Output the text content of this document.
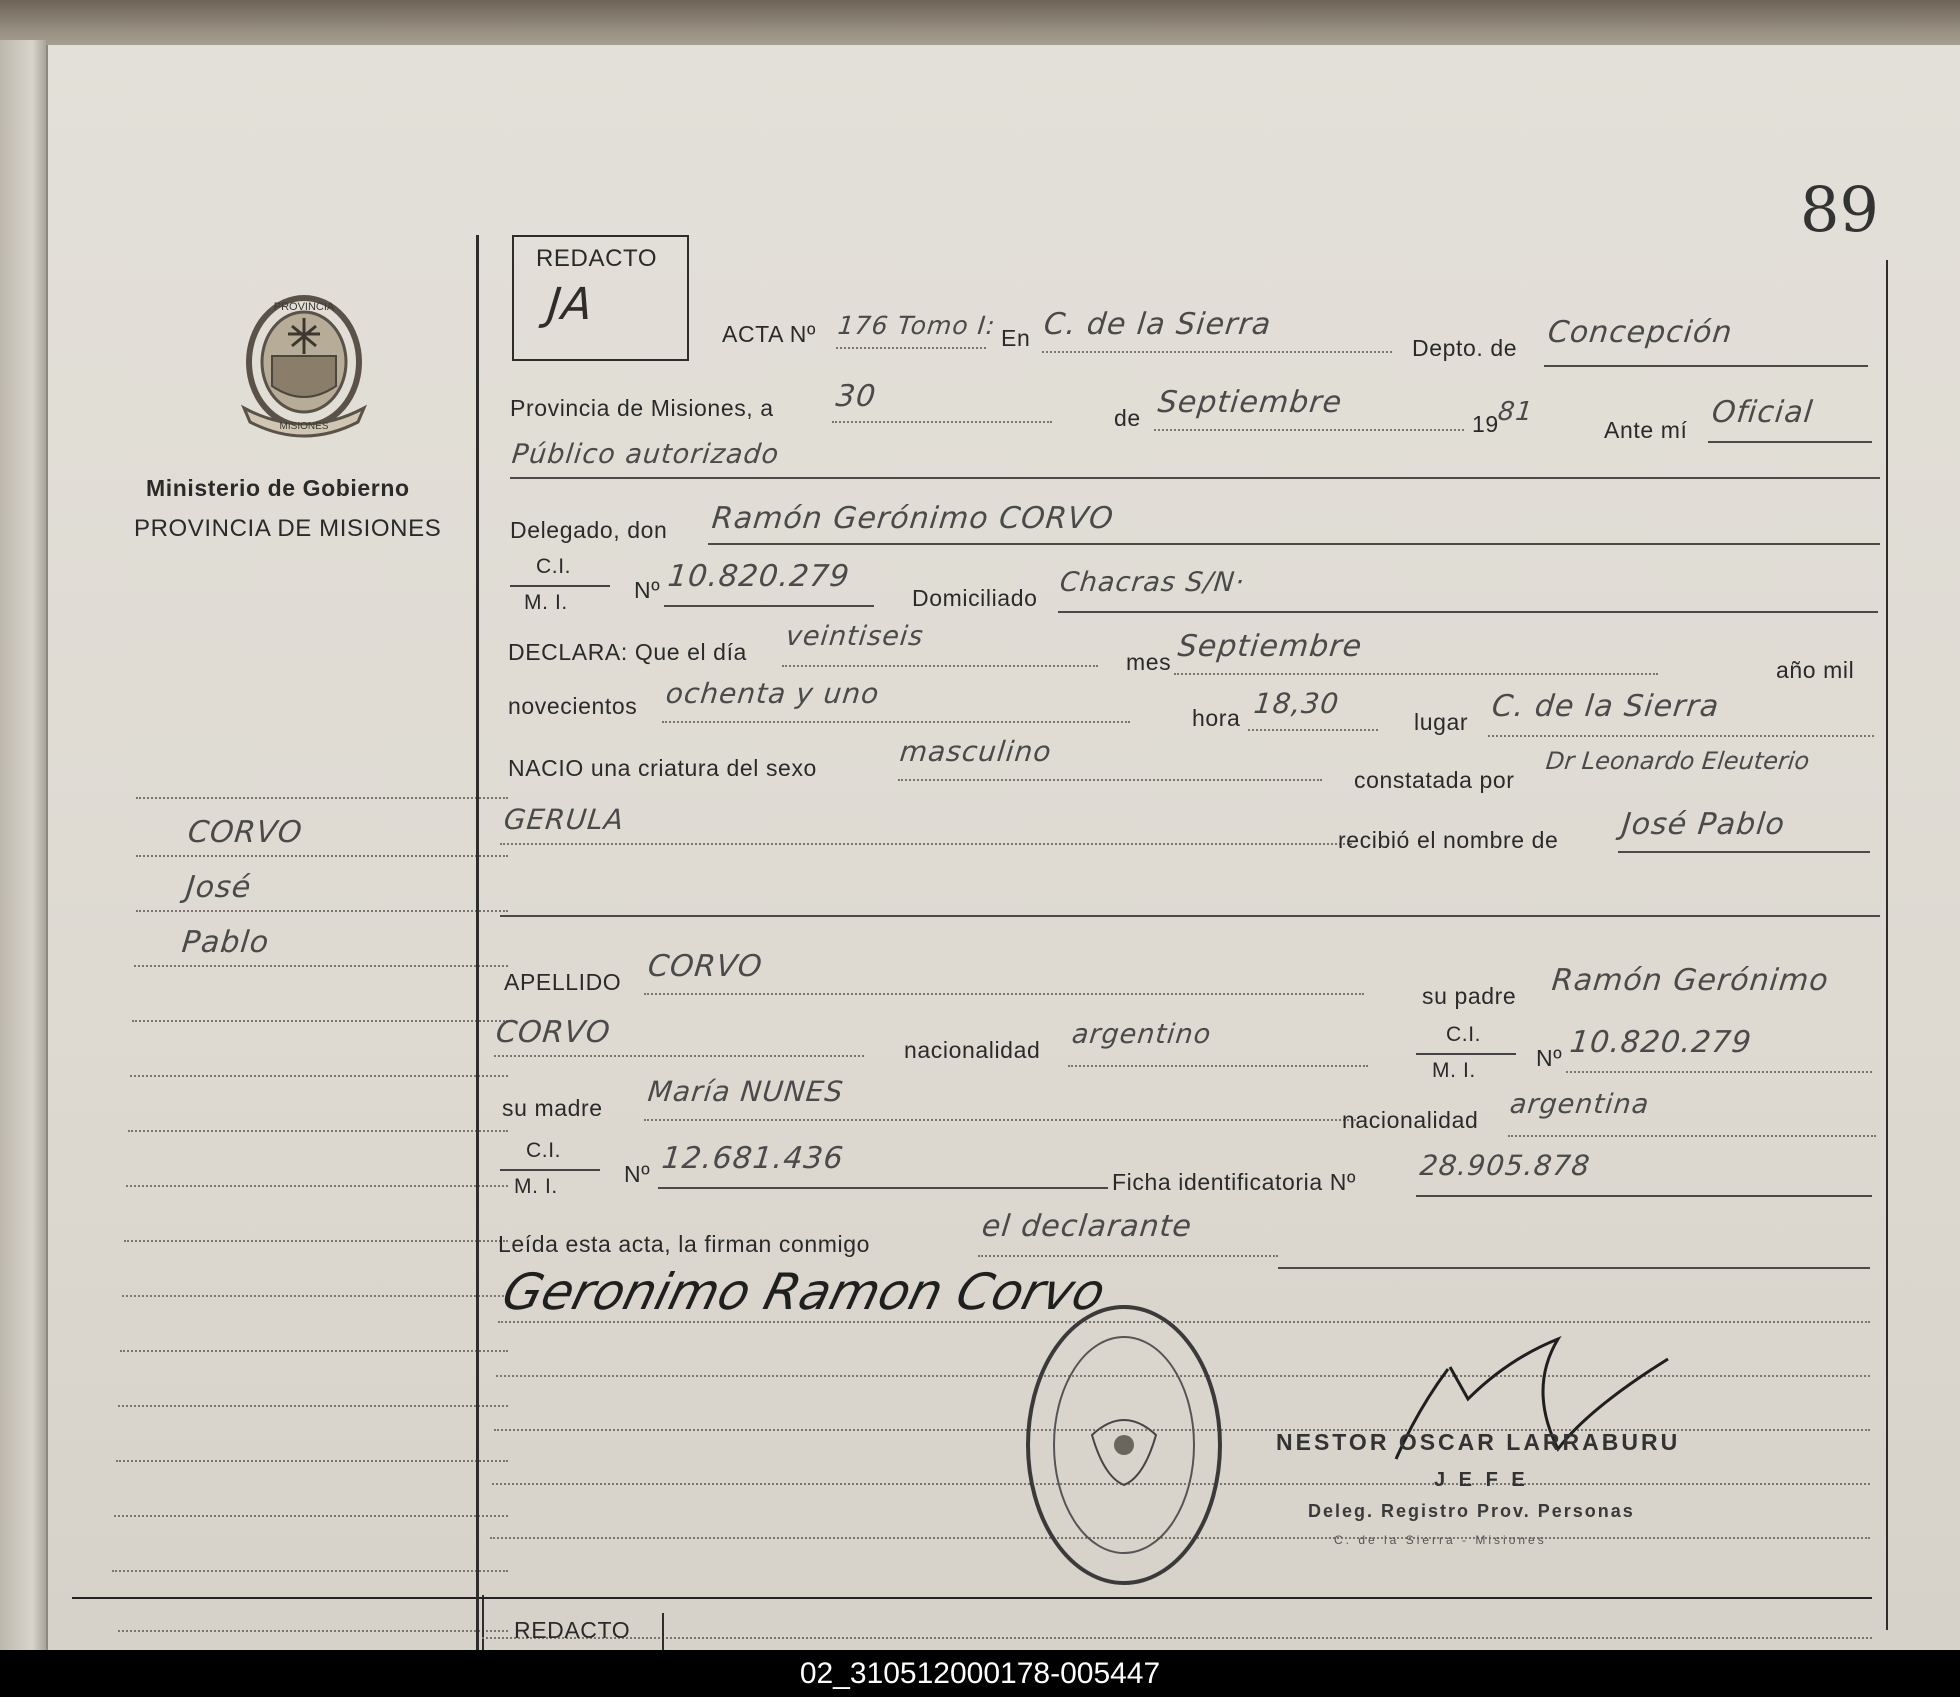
89
PROVINCIA
MISIONES
Ministerio de Gobierno
PROVINCIA DE MISIONES
CORVO
José
Pablo
REDACTO
JA
ACTA Nº 176 Tomo I: En C. de la Sierra
Depto. de Concepción
Provincia de Misiones, a 30
de Septiembre
19
81
Ante mí Oficial
Público autorizado
Delegado, don Ramón Gerónimo CORVO
C.I.
M. I.	Nº 10.820.279
Domiciliado Chacras S/N·
DECLARA: Que el día veintiseis
mes Septiembre
año mil
novecientos ochenta y uno
hora 18,30
lugar C. de la Sierra
NACIO una criatura del sexo	masculino
constatada por
Dr Leonardo Eleuterio
GERULA
recibió el nombre de José Pablo
APELLIDO CORVO
su padre Ramón Gerónimo
CORVO	nacionalidad argentino	C.I.
M. I.	Nº 10.820.279
su madre María NUNES
nacionalidad argentina
C.I.
M. I.	Nº 12.681.436
Ficha identificatoria Nº 28.905.878
Leída esta acta, la firman conmigo	el declarante
Geronimo Ramon Corvo
NESTOR OSCAR LARRABURU
J E F E
Deleg. Registro Prov. Personas
C. de la Sierra - Misiones
REDACTO
02_310512000178-005447
